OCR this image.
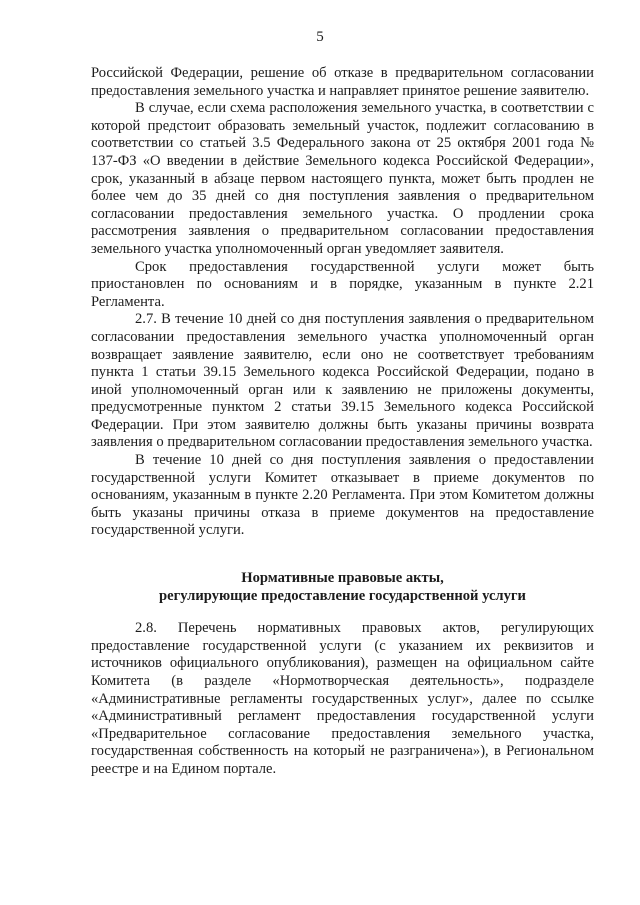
5

Российской Федерации, решение об отказе в предварительном согласовании предоставления земельного участка и направляет принятое решение заявителю.

В случае, если схема расположения земельного участка, в соответствии с которой предстоит образовать земельный участок, подлежит согласованию в соответствии со статьей 3.5 Федерального закона от 25 октября 2001 года № 137-ФЗ «О введении в действие Земельного кодекса Российской Федерации», срок, указанный в абзаце первом настоящего пункта, может быть продлен не более чем до 35 дней со дня поступления заявления о предварительном согласовании предоставления земельного участка. О продлении срока рассмотрения заявления о предварительном согласовании предоставления земельного участка уполномоченный орган уведомляет заявителя.

Срок предоставления государственной услуги может быть приостановлен по основаниям и в порядке, указанным в пункте 2.21 Регламента.

2.7. В течение 10 дней со дня поступления заявления о предварительном согласовании предоставления земельного участка уполномоченный орган возвращает заявление заявителю, если оно не соответствует требованиям пункта 1 статьи 39.15 Земельного кодекса Российской Федерации, подано в иной уполномоченный орган или к заявлению не приложены документы, предусмотренные пунктом 2 статьи 39.15 Земельного кодекса Российской Федерации. При этом заявителю должны быть указаны причины возврата заявления о предварительном согласовании предоставления земельного участка.

В течение 10 дней со дня поступления заявления о предоставлении государственной услуги Комитет отказывает в приеме документов по основаниям, указанным в пункте 2.20 Регламента. При этом Комитетом должны быть указаны причины отказа в приеме документов на предоставление государственной услуги.

Нормативные правовые акты,
регулирующие предоставление государственной услуги

2.8. Перечень нормативных правовых актов, регулирующих предоставление государственной услуги (с указанием их реквизитов и источников официального опубликования), размещен на официальном сайте Комитета (в разделе «Нормотворческая деятельность», подразделе «Административные регламенты государственных услуг», далее по ссылке «Административный регламент предоставления государственной услуги «Предварительное согласование предоставления земельного участка, государственная собственность на который не разграничена»), в Региональном реестре и на Едином портале.
